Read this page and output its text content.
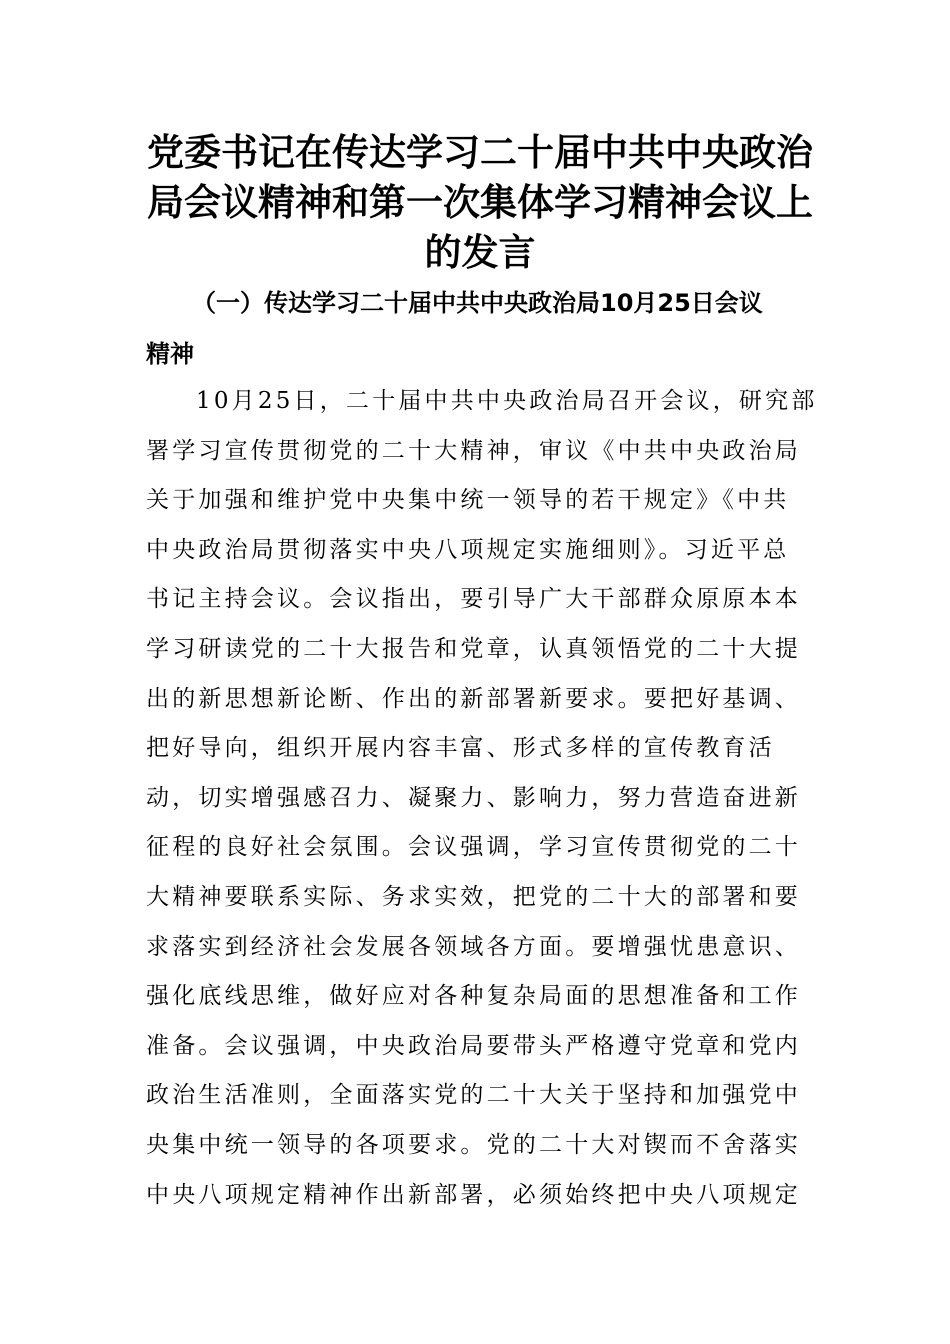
党委书记在传达学习二十届中共中央政治
局会议精神和第一次集体学习精神会议上
的发言
（一）传达学习二十届中共中央政治局10月25日会议
精神

10月25日，二十届中共中央政治局召开会议，研究部
署学习宣传贯彻党的二十大精神，审议《中共中央政治局
关于加强和维护党中央集中统一领导的若干规定》《中共
中央政治局贯彻落实中央八项规定实施细则》。习近平总
书记主持会议。会议指出，要引导广大干部群众原原本本
学习研读党的二十大报告和党章，认真领悟党的二十大提
出的新思想新论断、作出的新部署新要求。要把好基调、
把好导向，组织开展内容丰富、形式多样的宣传教育活
动，切实增强感召力、凝聚力、影响力，努力营造奋进新
征程的良好社会氛围。会议强调，学习宣传贯彻党的二十
大精神要联系实际、务求实效，把党的二十大的部署和要
求落实到经济社会发展各领域各方面。要增强忧患意识、
强化底线思维，做好应对各种复杂局面的思想准备和工作
准备。会议强调，中央政治局要带头严格遵守党章和党内
政治生活准则，全面落实党的二十大关于坚持和加强党中
央集中统一领导的各项要求。党的二十大对锲而不舍落实
中央八项规定精神作出新部署，必须始终把中央八项规定
